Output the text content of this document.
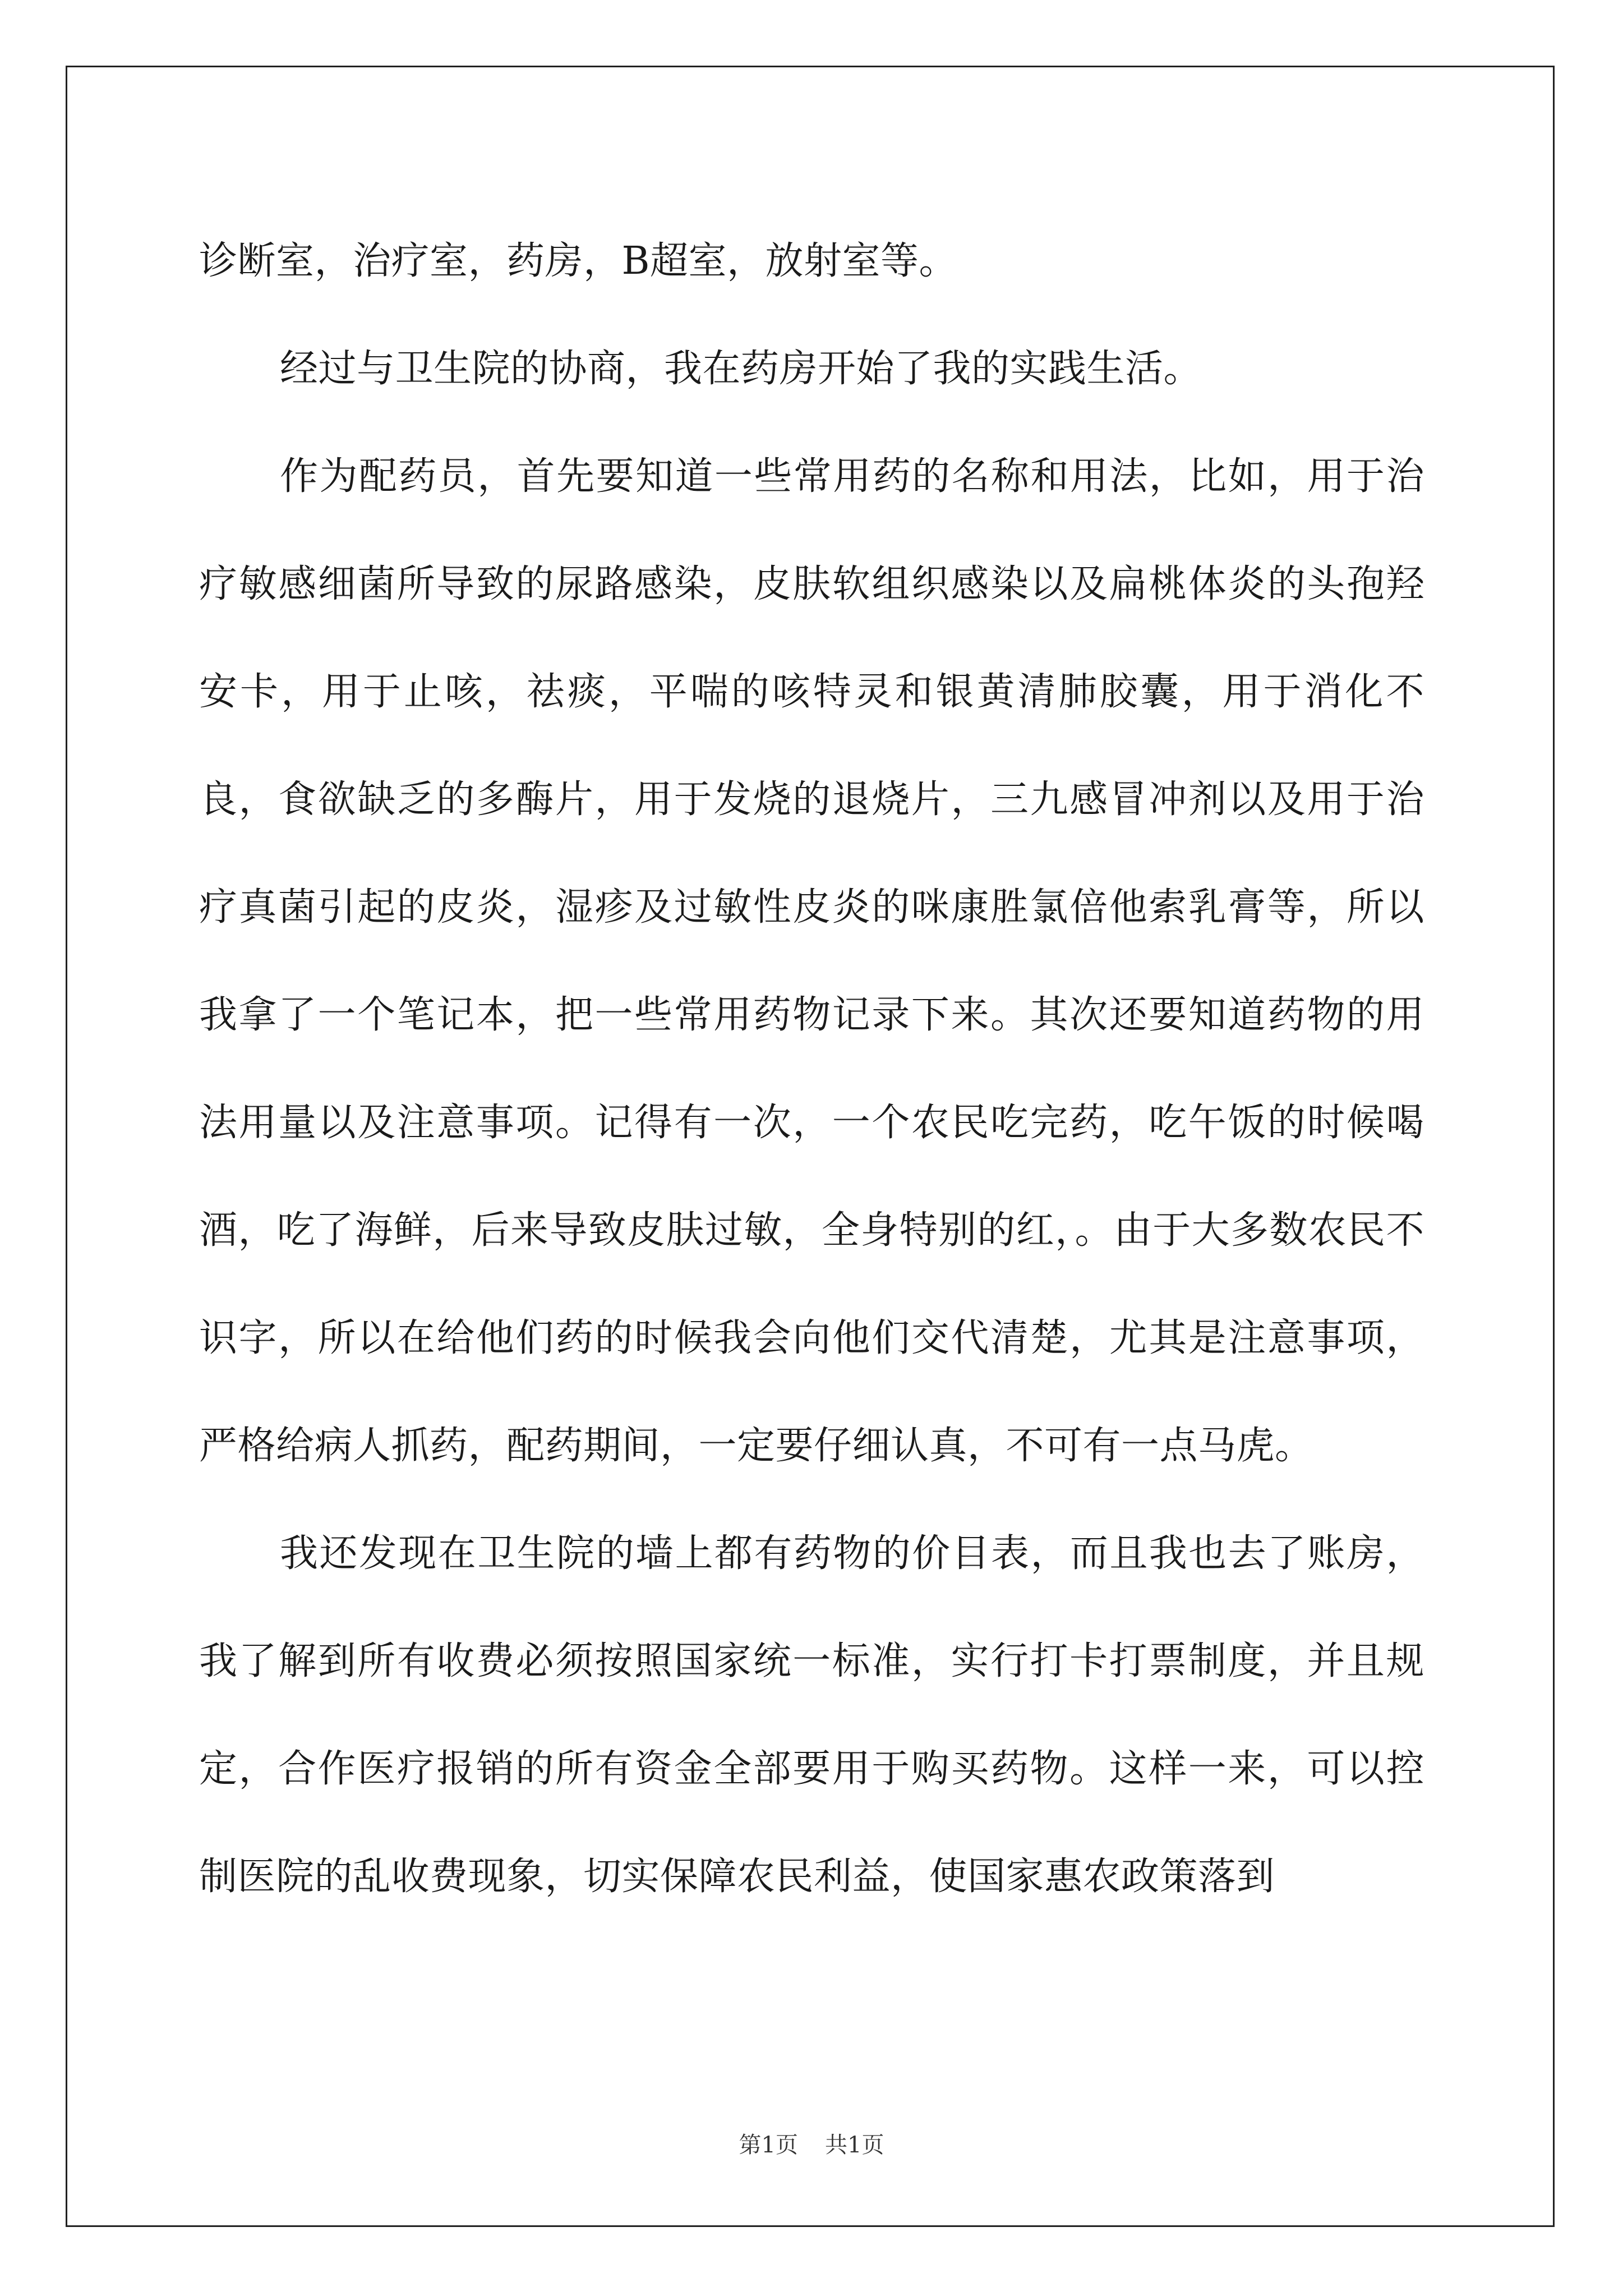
诊断室，治疗室，药房，B超室，放射室等。

经过与卫生院的协商，我在药房开始了我的实践生活。

作为配药员，首先要知道一些常用药的名称和用法，比如，用于治疗敏感细菌所导致的尿路感染，皮肤软组织感染以及扁桃体炎的头孢羟安卡，用于止咳，祛痰，平喘的咳特灵和银黄清肺胶囊，用于消化不良，食欲缺乏的多酶片，用于发烧的退烧片，三九感冒冲剂以及用于治疗真菌引起的皮炎，湿疹及过敏性皮炎的咪康胜氯倍他索乳膏等，所以我拿了一个笔记本，把一些常用药物记录下来。其次还要知道药物的用法用量以及注意事项。记得有一次，一个农民吃完药，吃午饭的时候喝酒，吃了海鲜，后来导致皮肤过敏，全身特别的红，。由于大多数农民不识字，所以在给他们药的时候我会向他们交代清楚，尤其是注意事项，严格给病人抓药，配药期间，一定要仔细认真，不可有一点马虎。

我还发现在卫生院的墙上都有药物的价目表，而且我也去了账房，我了解到所有收费必须按照国家统一标准，实行打卡打票制度，并且规定，合作医疗报销的所有资金全部要用于购买药物。这样一来，可以控制医院的乱收费现象，切实保障农民利益，使国家惠农政策落到

第1页 共1页
